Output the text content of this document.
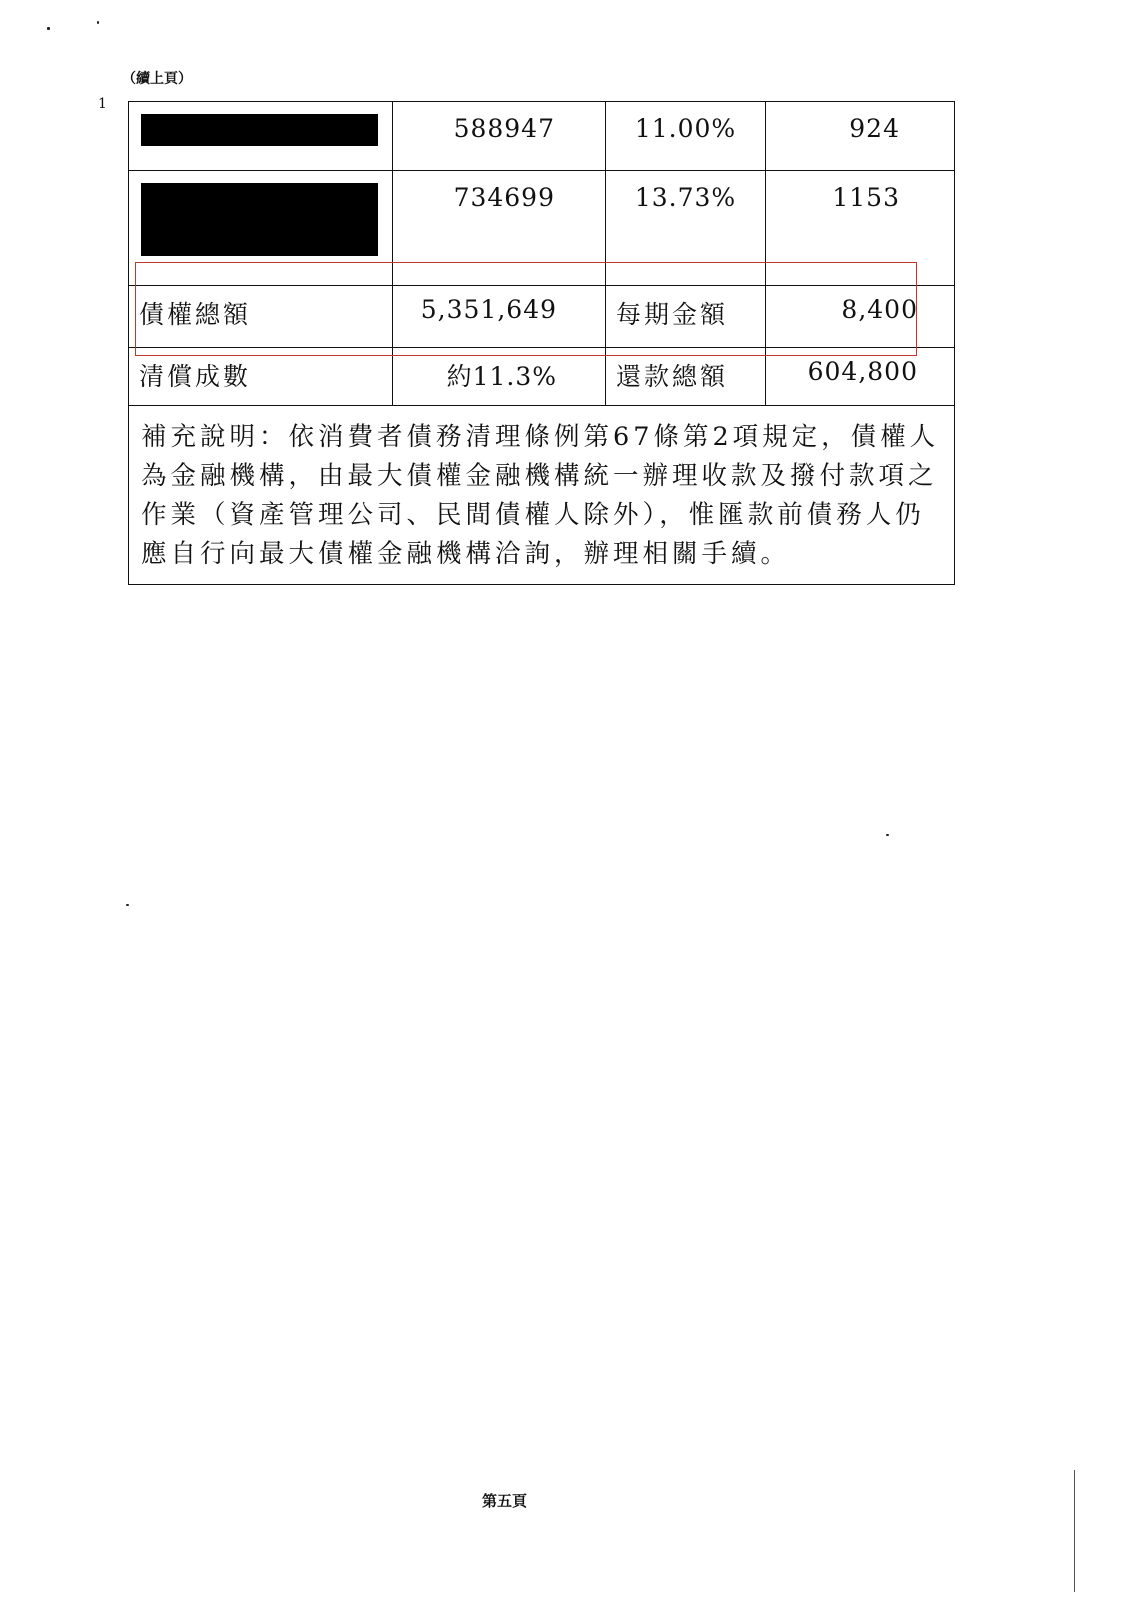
（續上頁）
1
	588947	11.00%	924

	734699	13.73%	1153
債權總額	5,351,649	每期金額	8,400
清償成數	約11.3%	還款總額	604,800
補充說明：依消費者債務清理條例第67條第2項規定，債權人為金融機構，由最大債權金融機構統一辦理收款及撥付款項之作業（資產管理公司、民間債權人除外），惟匯款前債務人仍應自行向最大債權金融機構洽詢，辦理相關手續。			
第五頁
